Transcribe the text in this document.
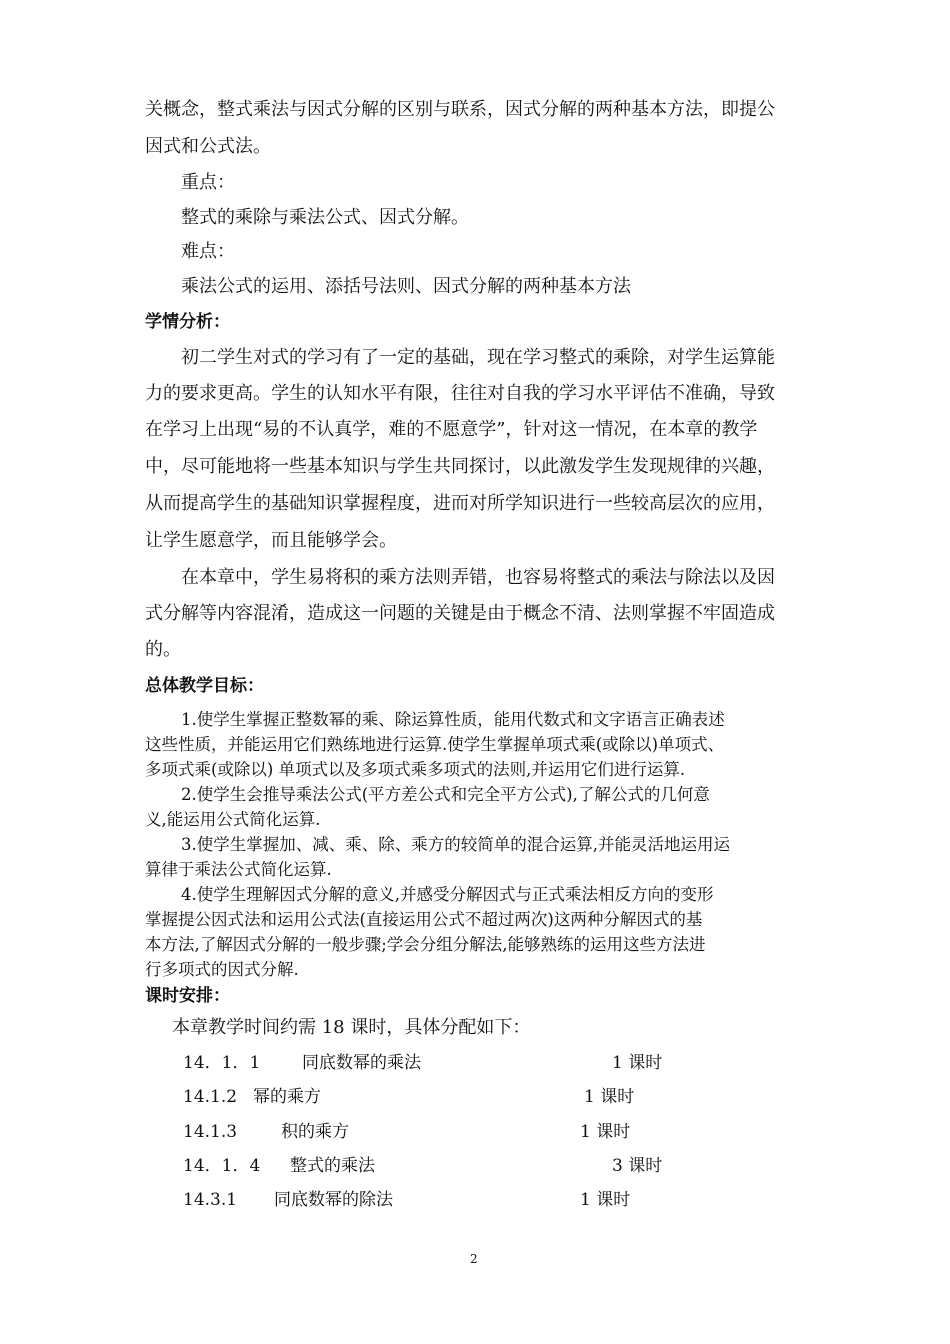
关概念，整式乘法与因式分解的区别与联系，因式分解的两种基本方法，即提公
因式和公式法。
重点：
整式的乘除与乘法公式、因式分解。
难点：
乘法公式的运用、添括号法则、因式分解的两种基本方法
学情分析：
初二学生对式的学习有了一定的基础，现在学习整式的乘除，对学生运算能
力的要求更高。学生的认知水平有限，往往对自我的学习水平评估不准确，导致
在学习上出现“易的不认真学，难的不愿意学”，针对这一情况，在本章的教学
中，尽可能地将一些基本知识与学生共同探讨，以此激发学生发现规律的兴趣，
从而提高学生的基础知识掌握程度，进而对所学知识进行一些较高层次的应用，
让学生愿意学，而且能够学会。
在本章中，学生易将积的乘方法则弄错，也容易将整式的乘法与除法以及因
式分解等内容混淆，造成这一问题的关键是由于概念不清、法则掌握不牢固造成
的。
总体教学目标：
1.使学生掌握正整数幂的乘、除运算性质，能用代数式和文字语言正确表述
这些性质，并能运用它们熟练地进行运算.使学生掌握单项式乘(或除以)单项式、
多项式乘(或除以) 单项式以及多项式乘多项式的法则,并运用它们进行运算.
2.使学生会推导乘法公式(平方差公式和完全平方公式),了解公式的几何意
义,能运用公式简化运算.
3.使学生掌握加、减、乘、除、乘方的较简单的混合运算,并能灵活地运用运
算律于乘法公式简化运算.
4.使学生理解因式分解的意义,并感受分解因式与正式乘法相反方向的变形
掌握提公因式法和运用公式法(直接运用公式不超过两次)这两种分解因式的基
本方法,了解因式分解的一般步骤;学会分组分解法,能够熟练的运用这些方法进
行多项式的因式分解.
课时安排：
本章教学时间约需 18 课时，具体分配如下：
14．1．1 同底数幂的乘法	1 课时
14.1.2 幂的乘方	1 课时
14.1.3	积的乘方	1 课时
14．1．4 整式的乘法	3 课时
14.3.1 同底数幂的除法	1 课时
2
